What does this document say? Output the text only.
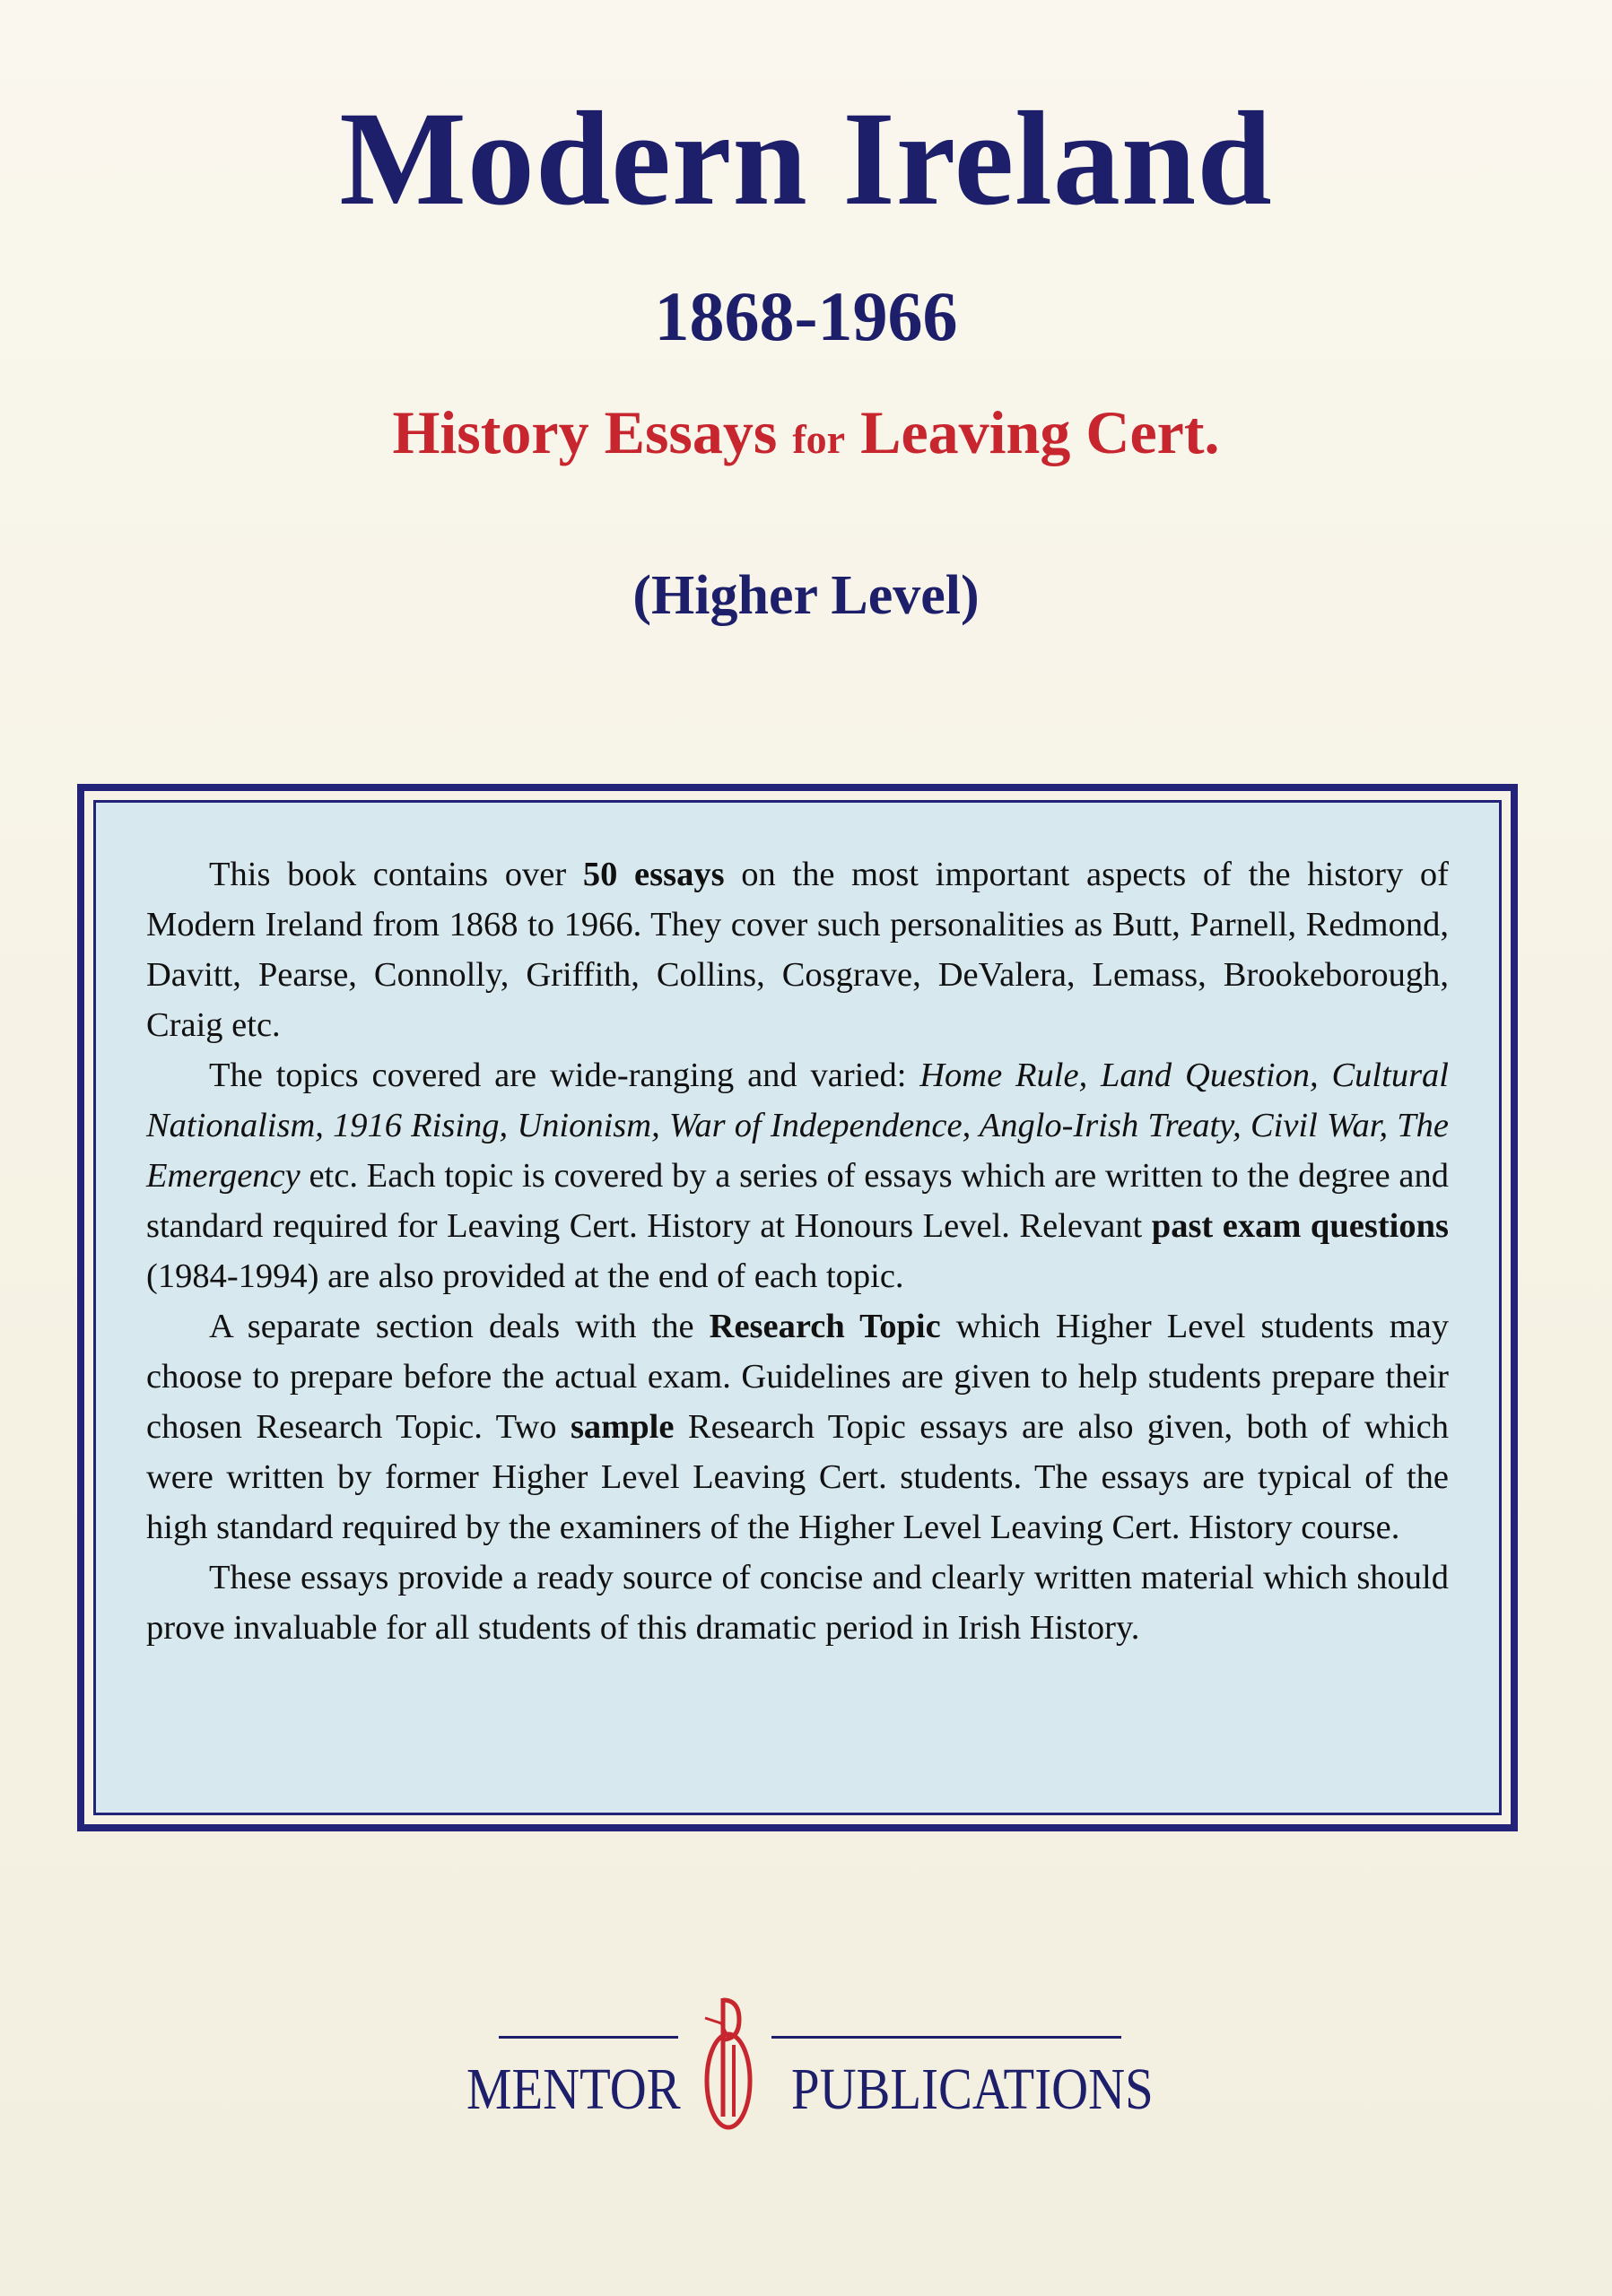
Modern Ireland
1868-1966
History Essays for Leaving Cert.
(Higher Level)

This book contains over 50 essays on the most important aspects of the history of Modern Ireland from 1868 to 1966. They cover such personalities as Butt, Parnell, Redmond, Davitt, Pearse, Connolly, Griffith, Collins, Cosgrave, DeValera, Lemass, Brookeborough, Craig etc.

The topics covered are wide-ranging and varied: Home Rule, Land Question, Cultural Nationalism, 1916 Rising, Unionism, War of Independence, Anglo-Irish Treaty, Civil War, The Emergency etc. Each topic is covered by a series of essays which are written to the degree and standard required for Leaving Cert. History at Honours Level. Relevant past exam questions (1984-1994) are also provided at the end of each topic.

A separate section deals with the Research Topic which Higher Level students may choose to prepare before the actual exam. Guidelines are given to help students prepare their chosen Research Topic. Two sample Research Topic essays are also given, both of which were written by former Higher Level Leaving Cert. students. The essays are typical of the high standard required by the examiners of the Higher Level Leaving Cert. History course.

These essays provide a ready source of concise and clearly written material which should prove invaluable for all students of this dramatic period in Irish History.

MENTOR PUBLICATIONS
